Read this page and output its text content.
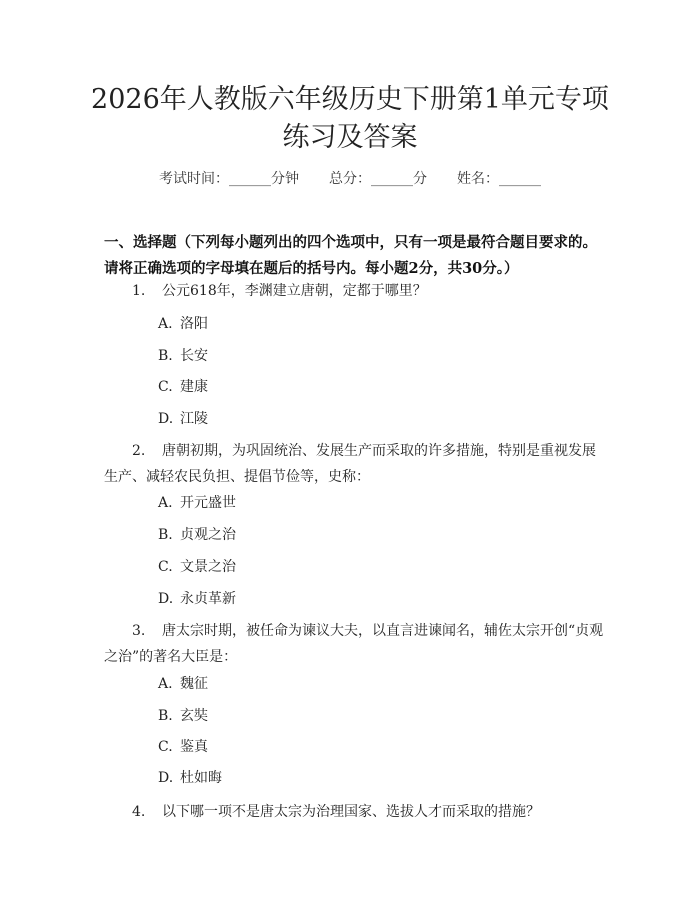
2026年人教版六年级历史下册第1单元专项
练习及答案
考试时间：______分钟 总分：______分 姓名：______
一、选择题（下列每小题列出的四个选项中，只有一项是最符合题目要求的。请将正确选项的字母填在题后的括号内。每小题2分，共30分。）
1. 公元618年，李渊建立唐朝，定都于哪里？
A. 洛阳
B. 长安
C. 建康
D. 江陵
2. 唐朝初期，为巩固统治、发展生产而采取的许多措施，特别是重视发展生产、减轻农民负担、提倡节俭等，史称：
A. 开元盛世
B. 贞观之治
C. 文景之治
D. 永贞革新
3. 唐太宗时期，被任命为谏议大夫，以直言进谏闻名，辅佐太宗开创“贞观之治”的著名大臣是：
A. 魏征
B. 玄奘
C. 鉴真
D. 杜如晦
4. 以下哪一项不是唐太宗为治理国家、选拔人才而采取的措施？
